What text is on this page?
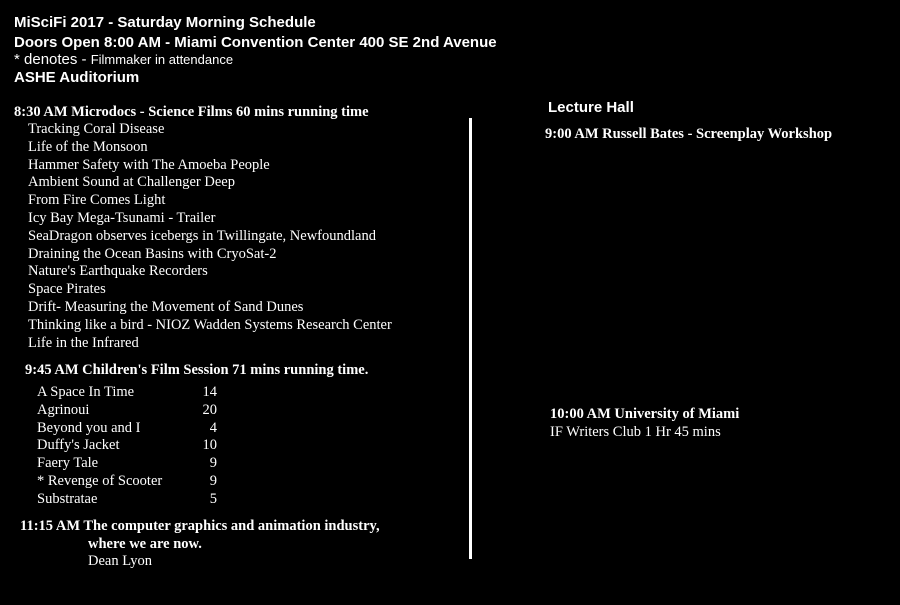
MiSciFi 2017 - Saturday Morning Schedule
Doors Open 8:00 AM - Miami Convention Center 400 SE 2nd Avenue
* denotes - Filmmaker in attendance
ASHE Auditorium
8:30 AM Microdocs - Science Films 60 mins running time
Tracking Coral Disease
Life of the Monsoon
Hammer Safety with The Amoeba People
Ambient Sound at Challenger Deep
From Fire Comes Light
Icy Bay Mega-Tsunami - Trailer
SeaDragon observes icebergs in Twillingate, Newfoundland
Draining the Ocean Basins with CryoSat-2
Nature's Earthquake Recorders
Space Pirates
Drift- Measuring the Movement of Sand Dunes
Thinking like a bird - NIOZ Wadden Systems Research Center
Life in the Infrared
9:45 AM Children's Film Session 71 mins running time.
A Space In Time	14
Agrinoui	20
Beyond you and I	4
Duffy's Jacket	10
Faery Tale	9
* Revenge of Scooter	9
Substratae	5
11:15 AM The computer graphics and animation industry,
where we are now.
Dean Lyon
Lecture Hall
9:00 AM Russell Bates - Screenplay Workshop
10:00 AM University of Miami
IF Writers Club 1 Hr 45 mins
